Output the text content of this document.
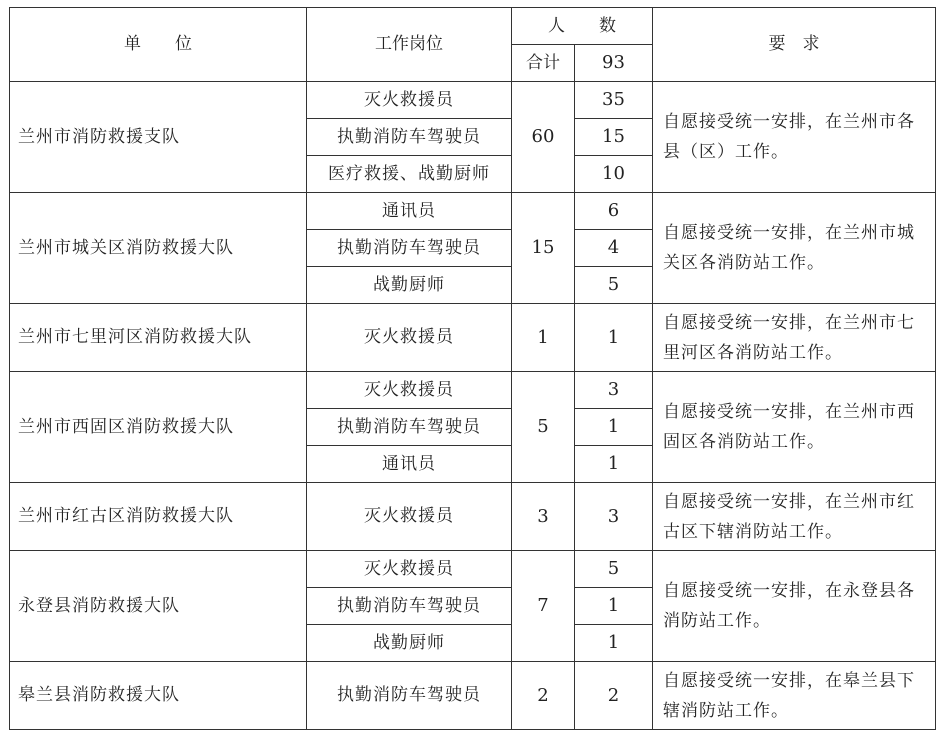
单　　位	工作岗位	人　　数		要　求
		合计	93	
兰州市消防救援支队	灭火救援员	60	35	自愿接受统一安排，在兰州市各县（区）工作。
	执勤消防车驾驶员		15	
	医疗救援、战勤厨师		10	
兰州市城关区消防救援大队	通讯员	15	6	自愿接受统一安排，在兰州市城关区各消防站工作。
	执勤消防车驾驶员		4	
	战勤厨师		5	
兰州市七里河区消防救援大队	灭火救援员	1	1	自愿接受统一安排，在兰州市七里河区各消防站工作。
兰州市西固区消防救援大队	灭火救援员	5	3	自愿接受统一安排，在兰州市西固区各消防站工作。
	执勤消防车驾驶员		1	
	通讯员		1	
兰州市红古区消防救援大队	灭火救援员	3	3	自愿接受统一安排，在兰州市红古区下辖消防站工作。
永登县消防救援大队	灭火救援员	7	5	自愿接受统一安排，在永登县各消防站工作。
	执勤消防车驾驶员		1	
	战勤厨师		1	
皋兰县消防救援大队	执勤消防车驾驶员	2	2	自愿接受统一安排，在皋兰县下辖消防站工作。
